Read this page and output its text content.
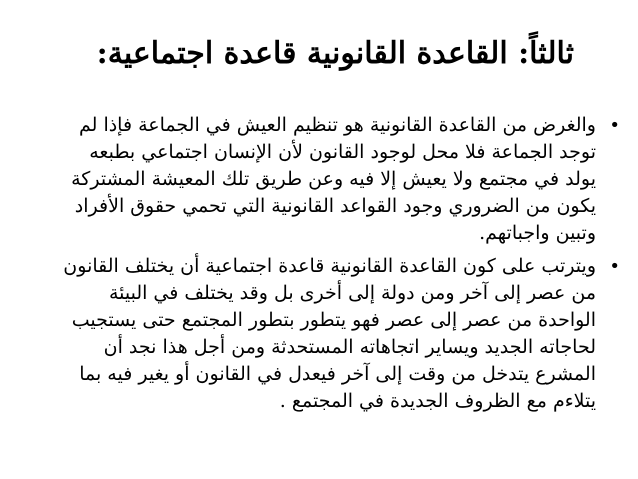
ثالثاً: القاعدة القانونية قاعدة اجتماعية:
•
والغرض من القاعدة القانونية هو تنظيم العيش في الجماعة فإذا لم
توجد الجماعة فلا محل لوجود القانون لأن الإنسان اجتماعي بطبعه
يولد في مجتمع ولا يعيش إلا فيه وعن طريق تلك المعيشة المشتركة
يكون من الضروري وجود القواعد القانونية التي تحمي حقوق الأفراد
وتبين واجباتهم.
•
ويترتب على كون القاعدة القانونية قاعدة اجتماعية أن يختلف القانون
من عصر إلى آخر ومن دولة إلى أخرى بل وقد يختلف في البيئة
الواحدة من عصر إلى عصر فهو يتطور بتطور المجتمع حتى يستجيب
لحاجاته الجديد ويساير اتجاهاته المستحدثة ومن أجل هذا نجد أن
المشرع يتدخل من وقت إلى آخر فيعدل في القانون أو يغير فيه بما
يتلاءم مع الظروف الجديدة في المجتمع .
